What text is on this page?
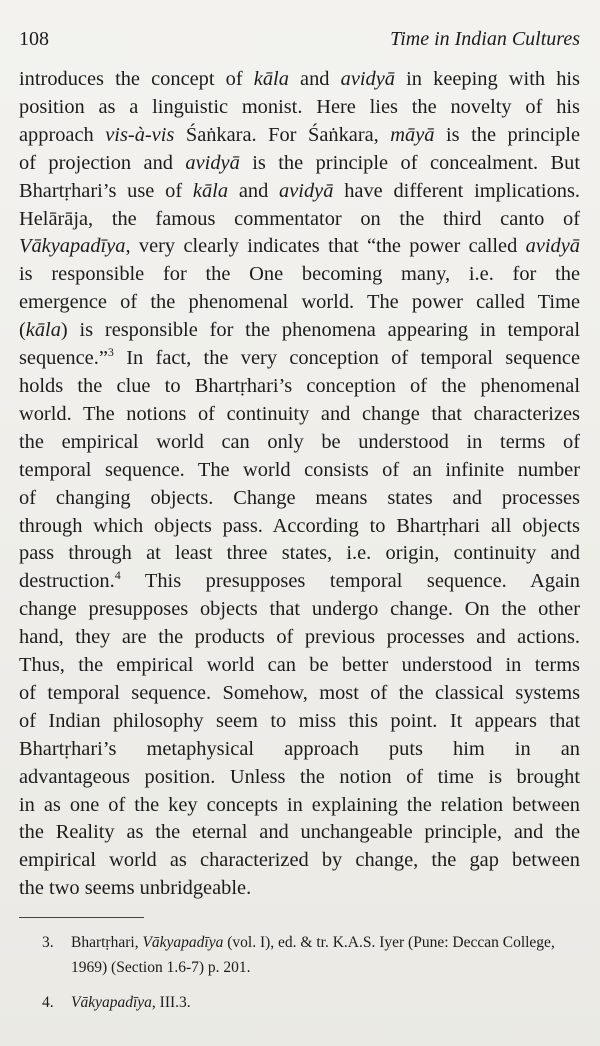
108	Time in Indian Cultures
introduces the concept of kāla and avidyā in keeping with his
position as a linguistic monist. Here lies the novelty of his
approach vis-à-vis Śaṅkara. For Śaṅkara, māyā is the principle
of projection and avidyā is the principle of concealment. But
Bhartṛhari’s use of kāla and avidyā have different implications.
Helārāja, the famous commentator on the third canto of
Vākyapadīya, very clearly indicates that “the power called avidyā
is responsible for the One becoming many, i.e. for the
emergence of the phenomenal world. The power called Time
(kāla) is responsible for the phenomena appearing in temporal
sequence.”$^3$ In fact, the very conception of temporal sequence
holds the clue to Bhartṛhari’s conception of the phenomenal
world. The notions of continuity and change that characterizes
the empirical world can only be understood in terms of
temporal sequence. The world consists of an infinite number
of changing objects. Change means states and processes
through which objects pass. According to Bhartṛhari all objects
pass through at least three states, i.e. origin, continuity and
destruction.$^4$ This presupposes temporal sequence. Again
change presupposes objects that undergo change. On the other
hand, they are the products of previous processes and actions.
Thus, the empirical world can be better understood in terms
of temporal sequence. Somehow, most of the classical systems
of Indian philosophy seem to miss this point. It appears that
Bhartṛhari’s metaphysical approach puts him in an
advantageous position. Unless the notion of time is brought
in as one of the key concepts in explaining the relation between
the Reality as the eternal and unchangeable principle, and the
empirical world as characterized by change, the gap between
the two seems unbridgeable.
3.	Bhartṛhari, Vākyapadīya (vol. I), ed. & tr. K.A.S. Iyer (Pune: Deccan College, 1969) (Section 1.6-7) p. 201.
4.	Vākyapadīya, III.3.
